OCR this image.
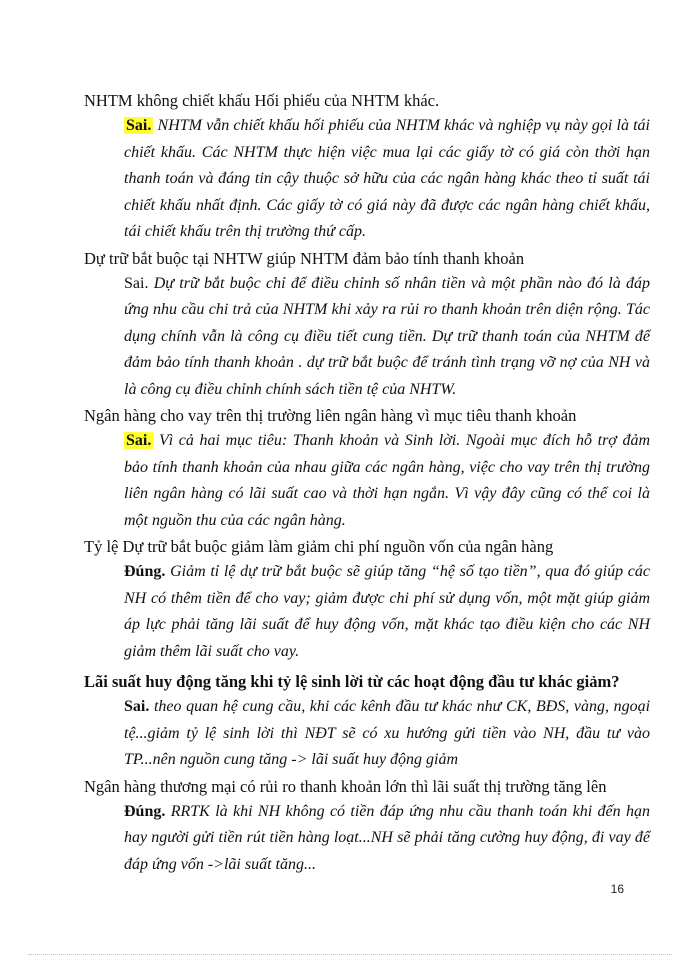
NHTM không chiết khấu Hối phiếu của NHTM khác.

Sai. NHTM vẫn chiết khấu hối phiếu của NHTM khác và nghiệp vụ này gọi là tái chiết khấu. Các NHTM thực hiện việc mua lại các giấy tờ có giá còn thời hạn thanh toán và đáng tin cậy thuộc sở hữu của các ngân hàng khác theo tỉ suất tái chiết khấu nhất định. Các giấy tờ có giá này đã được các ngân hàng chiết khấu, tái chiết khấu trên thị trường thứ cấp.

Dự trữ bắt buộc tại NHTW giúp NHTM đảm bảo tính thanh khoản

Sai. Dự trữ bắt buộc chỉ để điều chỉnh số nhân tiền và một phần nào đó là đáp ứng nhu cầu chi trả của NHTM khi xảy ra rủi ro thanh khoản trên diện rộng. Tác dụng chính vẫn là công cụ điều tiết cung tiền. Dự trữ thanh toán của NHTM để đảm bảo tính thanh khoản . dự trữ bắt buộc để tránh tình trạng vỡ nợ của NH và là công cụ điều chỉnh chính sách tiền tệ của NHTW.

Ngân hàng cho vay trên thị trường liên ngân hàng vì mục tiêu thanh khoản

Sai. Vì cả hai mục tiêu: Thanh khoản và Sinh lời. Ngoài mục đích hỗ trợ đảm bảo tính thanh khoản của nhau giữa các ngân hàng, việc cho vay trên thị trường liên ngân hàng có lãi suất cao và thời hạn ngắn. Vì vậy đây cũng có thể coi là một nguồn thu của các ngân hàng.

Tỷ lệ Dự trữ bắt buộc giảm làm giảm chi phí nguồn vốn của ngân hàng

Đúng. Giảm tỉ lệ dự trữ bắt buộc sẽ giúp tăng “hệ số tạo tiền”, qua đó giúp các NH có thêm tiền để cho vay; giảm được chi phí sử dụng vốn, một mặt giúp giảm áp lực phải tăng lãi suất để huy động vốn, mặt khác tạo điều kiện cho các NH giảm thêm lãi suất cho vay.

Lãi suất huy động tăng khi tỷ lệ sinh lời từ các hoạt động đầu tư khác giảm?

Sai. theo quan hệ cung cầu, khi các kênh đầu tư khác như CK, BĐS, vàng, ngoại tệ...giảm tỷ lệ sinh lời thì NĐT sẽ có xu hướng gửi tiền vào NH, đầu tư vào TP...nên nguồn cung tăng -> lãi suất huy động giảm

Ngân hàng thương mại có rủi ro thanh khoản lớn thì lãi suất thị trường tăng lên

Đúng. RRTK là khi NH không có tiền đáp ứng nhu cầu thanh toán khi đến hạn hay người gửi tiền rút tiền hàng loạt...NH sẽ phải tăng cường huy động, đi vay để đáp ứng vốn ->lãi suất tăng...

16
